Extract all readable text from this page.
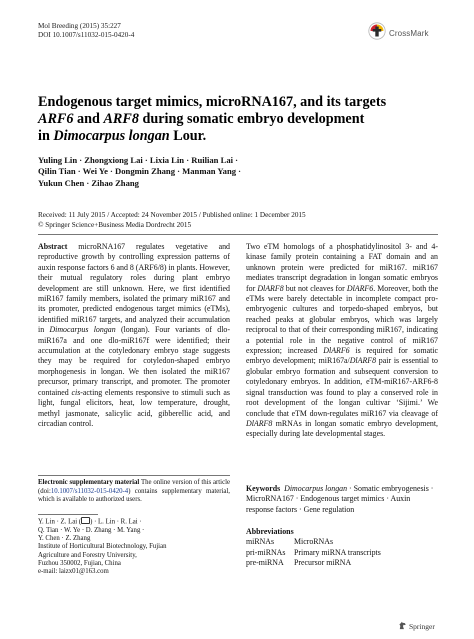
Mol Breeding (2015) 35:227
DOI 10.1007/s11032-015-0420-4	CrossMark
Endogenous target mimics, microRNA167, and its targets
ARF6 and ARF8 during somatic embryo development
in Dimocarpus longan Lour.
Yuling Lin · Zhongxiong Lai · Lixia Lin · Ruilian Lai ·
Qilin Tian · Wei Ye · Dongmin Zhang · Manman Yang ·
Yukun Chen · Zihao Zhang
Received: 11 July 2015 / Accepted: 24 November 2015 / Published online: 1 December 2015
© Springer Science+Business Media Dordrecht 2015

Abstract microRNA167 regulates vegetative and reproductive growth by controlling expression patterns of auxin response factors 6 and 8 (ARF6/8) in plants. However, their mutual regulatory roles during plant embryo development are still unknown. Here, we first identified miR167 family members, isolated the primary miR167 and its promoter, predicted endogenous target mimics (eTMs), identified miR167 targets, and analyzed their accumulation in Dimocarpus longan (longan). Four variants of dlo-miR167a and one dlo-miR167f were identified; their accumulation at the cotyledonary embryo stage suggests they may be required for cotyledon-shaped embryo morphogenesis in longan. We then isolated the miR167 precursor, primary transcript, and promoter. The promoter contained cis-acting elements responsive to stimuli such as light, fungal elicitors, heat, low temperature, drought, methyl jasmonate, salicylic acid, gibberellic acid, and circadian control.

Two eTM homologs of a phosphatidylinositol 3- and 4-kinase family protein containing a FAT domain and an unknown protein were predicted for miR167. miR167 mediates transcript degradation in longan somatic embryos for DlARF8 but not cleaves for DlARF6. Moreover, both the eTMs were barely detectable in incomplete compact pro-embryogenic cultures and torpedo-shaped embryos, but reached peaks at globular embryos, which was largely reciprocal to that of their corresponding miR167, indicating a potential role in the negative control of miR167 expression; increased DlARF6 is required for somatic embryo development; miR167a/DlARF8 pair is essential to globular embryo formation and subsequent conversion to cotyledonary embryos. In addition, eTM-miR167-ARF6-8 signal transduction was found to play a conserved role in root development of the longan cultivar ‘Sijimi.’ We conclude that eTM down-regulates miR167 via cleavage of DlARF8 mRNAs in longan somatic embryo development, especially during late developmental stages.

Electronic supplementary material The online version of this article (doi:10.1007/s11032-015-0420-4) contains supplementary material, which is available to authorized users.
Y. Lin · Z. Lai ( ) · L. Lin · R. Lai ·
Q. Tian · W. Ye · D. Zhang · M. Yang ·
Y. Chen · Z. Zhang
Institute of Horticultural Biotechnology, Fujian
Agriculture and Forestry University,
Fuzhou 350002, Fujian, China
e-mail: laizx01@163.com
Keywords Dimocarpus longan · Somatic embryogenesis · MicroRNA167 · Endogenous target mimics · Auxin response factors · Gene regulation
Abbreviations
miRNAs	MicroRNAs
pri-miRNAs	Primary miRNA transcripts
pre-miRNA	Precursor miRNA
Springer
